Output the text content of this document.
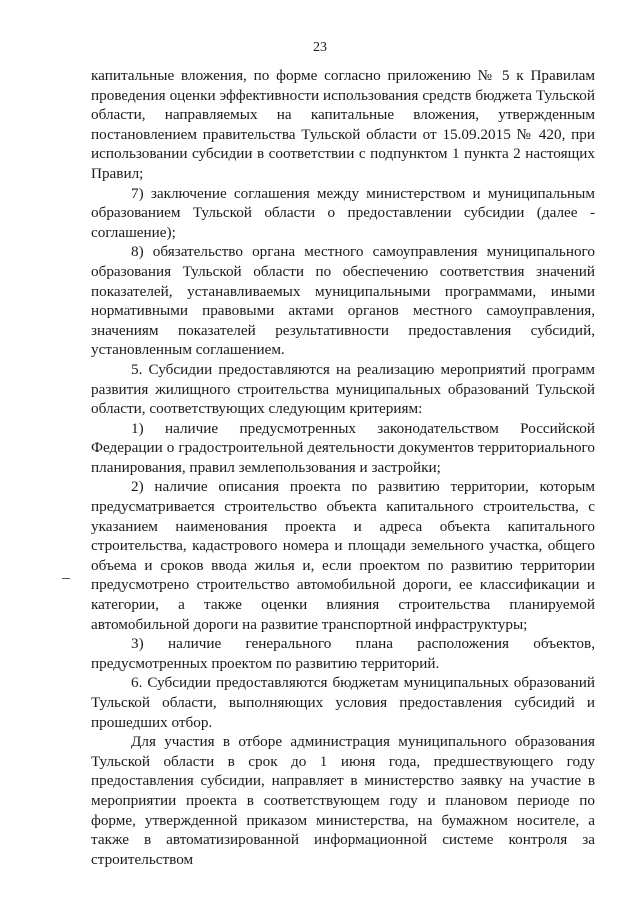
23

капитальные вложения, по форме согласно приложению № 5 к Правилам проведения оценки эффективности использования средств бюджета Тульской области, направляемых на капитальные вложения, утвержденным постановлением правительства Тульской области от 15.09.2015 № 420, при использовании субсидии в соответствии с подпунктом 1 пункта 2 настоящих Правил;

7) заключение соглашения между министерством и муниципальным образованием Тульской области о предоставлении субсидии (далее - соглашение);

8) обязательство органа местного самоуправления муниципального образования Тульской области по обеспечению соответствия значений показателей, устанавливаемых муниципальными программами, иными нормативными правовыми актами органов местного самоуправления, значениям показателей результативности предоставления субсидий, установленным соглашением.

5. Субсидии предоставляются на реализацию мероприятий программ развития жилищного строительства муниципальных образований Тульской области, соответствующих следующим критериям:

1) наличие предусмотренных законодательством Российской Федерации о градостроительной деятельности документов территориального планирования, правил землепользования и застройки;

2) наличие описания проекта по развитию территории, которым предусматривается строительство объекта капитального строительства, с указанием наименования проекта и адреса объекта капитального строительства, кадастрового номера и площади земельного участка, общего объема и сроков ввода жилья и, если проектом по развитию территории предусмотрено строительство автомобильной дороги, ее классификации и категории, а также оценки влияния строительства планируемой автомобильной дороги на развитие транспортной инфраструктуры;

3) наличие генерального плана расположения объектов, предусмотренных проектом по развитию территорий.

6. Субсидии предоставляются бюджетам муниципальных образований Тульской области, выполняющих условия предоставления субсидий и прошедших отбор.

Для участия в отборе администрация муниципального образования Тульской области в срок до 1 июня года, предшествующего году предоставления субсидии, направляет в министерство заявку на участие в мероприятии проекта в соответствующем году и плановом периоде по форме, утвержденной приказом министерства, на бумажном носителе, а также в автоматизированной информационной системе контроля за строительством
